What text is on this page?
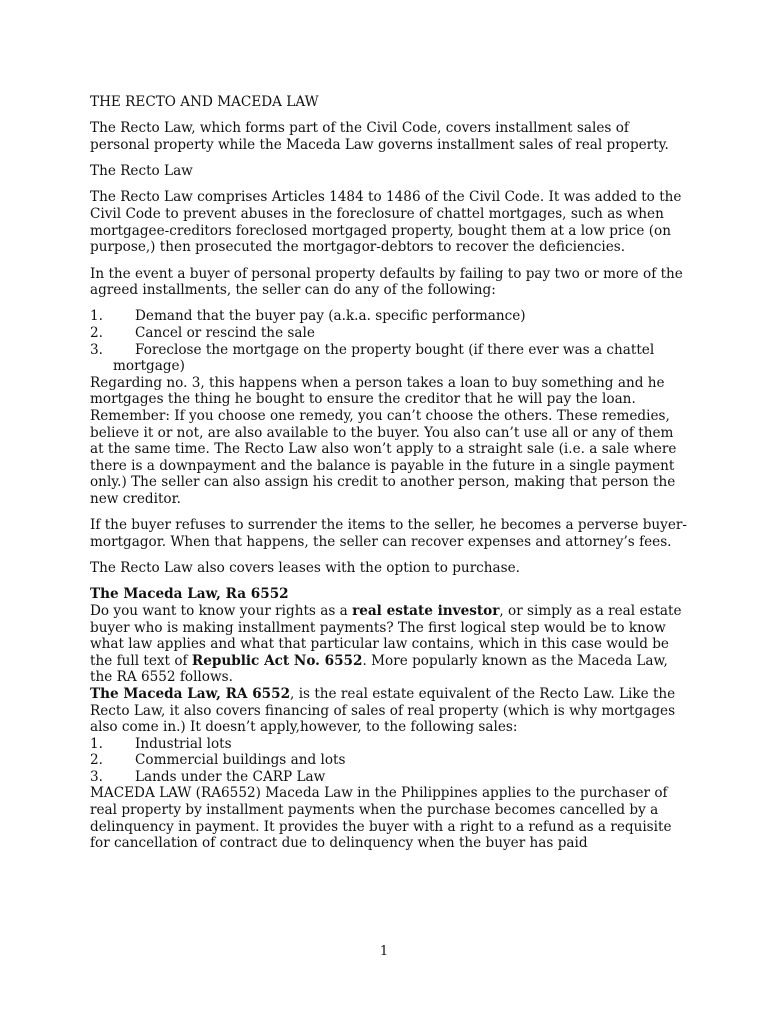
THE RECTO AND MACEDA LAW

The Recto Law, which forms part of the Civil Code, covers installment sales of personal property while the Maceda Law governs installment sales of real property.

The Recto Law

The Recto Law comprises Articles 1484 to 1486 of the Civil Code. It was added to the Civil Code to prevent abuses in the foreclosure of chattel mortgages, such as when mortgagee-creditors foreclosed mortgaged property, bought them at a low price (on purpose,) then prosecuted the mortgagor-debtors to recover the deficiencies.

In the event a buyer of personal property defaults by failing to pay two or more of the agreed installments, the seller can do any of the following:

1. Demand that the buyer pay (a.k.a. specific performance)
2. Cancel or rescind the sale
3. Foreclose the mortgage on the property bought (if there ever was a chattel
mortgage)

Regarding no. 3, this happens when a person takes a loan to buy something and he mortgages the thing he bought to ensure the creditor that he will pay the loan. Remember: If you choose one remedy, you can’t choose the others. These remedies, believe it or not, are also available to the buyer. You also can’t use all or any of them at the same time. The Recto Law also won’t apply to a straight sale (i.e. a sale where there is a downpayment and the balance is payable in the future in a single payment only.) The seller can also assign his credit to another person, making that person the new creditor.

If the buyer refuses to surrender the items to the seller, he becomes a perverse buyer-mortgagor. When that happens, the seller can recover expenses and attorney’s fees.

The Recto Law also covers leases with the option to purchase.

The Maceda Law, Ra 6552

Do you want to know your rights as a real estate investor, or simply as a real estate buyer who is making installment payments? The first logical step would be to know what law applies and what that particular law contains, which in this case would be the full text of Republic Act No. 6552. More popularly known as the Maceda Law, the RA 6552 follows.

The Maceda Law, RA 6552, is the real estate equivalent of the Recto Law. Like the Recto Law, it also covers financing of sales of real property (which is why mortgages also come in.) It doesn’t apply,however, to the following sales:

1. Industrial lots
2. Commercial buildings and lots
3. Lands under the CARP Law

MACEDA LAW (RA6552) Maceda Law in the Philippines applies to the purchaser of real property by installment payments when the purchase becomes cancelled by a delinquency in payment. It provides the buyer with a right to a refund as a requisite for cancellation of contract due to delinquency when the buyer has paid

1
